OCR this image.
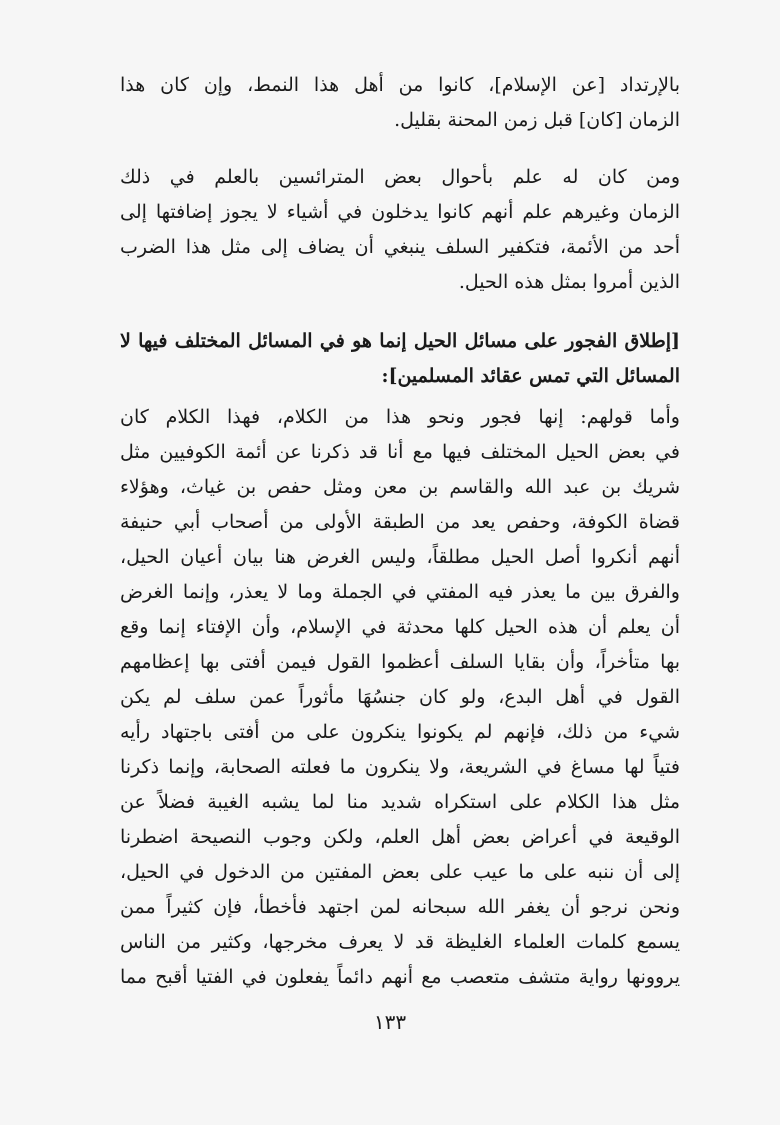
بالإرتداد [عن الإسلام]، كانوا من أهل هذا النمط، وإن كان هذا
الزمان [كان] قبل زمن المحنة بقليل.
ومن كان له علم بأحوال بعض المترائسين بالعلم في ذلك
الزمان وغيرهم علم أنهم كانوا يدخلون في أشياء لا يجوز إضافتها إلى
أحد من الأئمة، فتكفير السلف ينبغي أن يضاف إلى مثل هذا الضرب
الذين أمروا بمثل هذه الحيل.
[إطلاق الفجور على مسائل الحيل إنما هو في المسائل المختلف فيها لا
المسائل التي تمس عقائد المسلمين]:
وأما قولهم: إنها فجور ونحو هذا من الكلام، فهذا الكلام كان
في بعض الحيل المختلف فيها مع أنا قد ذكرنا عن أئمة الكوفيين مثل
شريك بن عبد الله والقاسم بن معن ومثل حفص بن غياث، وهؤلاء
قضاة الكوفة، وحفص يعد من الطبقة الأولى من أصحاب أبي حنيفة
أنهم أنكروا أصل الحيل مطلقاً، وليس الغرض هنا بيان أعيان الحيل،
والفرق بين ما يعذر فيه المفتي في الجملة وما لا يعذر، وإنما الغرض
أن يعلم أن هذه الحيل كلها محدثة في الإسلام، وأن الإفتاء إنما وقع
بها متأخراً، وأن بقايا السلف أعظموا القول فيمن أفتى بها إعظامهم
القول في أهل البدع، ولو كان جنسُهَا مأثوراً عمن سلف لم يكن
شيء من ذلك، فإنهم لم يكونوا ينكرون على من أفتى باجتهاد رأيه
فتياً لها مساغ في الشريعة، ولا ينكرون ما فعلته الصحابة، وإنما ذكرنا
مثل هذا الكلام على استكراه شديد منا لما يشبه الغيبة فضلاً عن
الوقيعة في أعراض بعض أهل العلم، ولكن وجوب النصيحة اضطرنا
إلى أن ننبه على ما عيب على بعض المفتين من الدخول في الحيل،
ونحن نرجو أن يغفر الله سبحانه لمن اجتهد فأخطأ، فإن كثيراً ممن
يسمع كلمات العلماء الغليظة قد لا يعرف مخرجها، وكثير من الناس
يروونها رواية متشف متعصب مع أنهم دائماً يفعلون في الفتيا أقبح مما
١٣٣
